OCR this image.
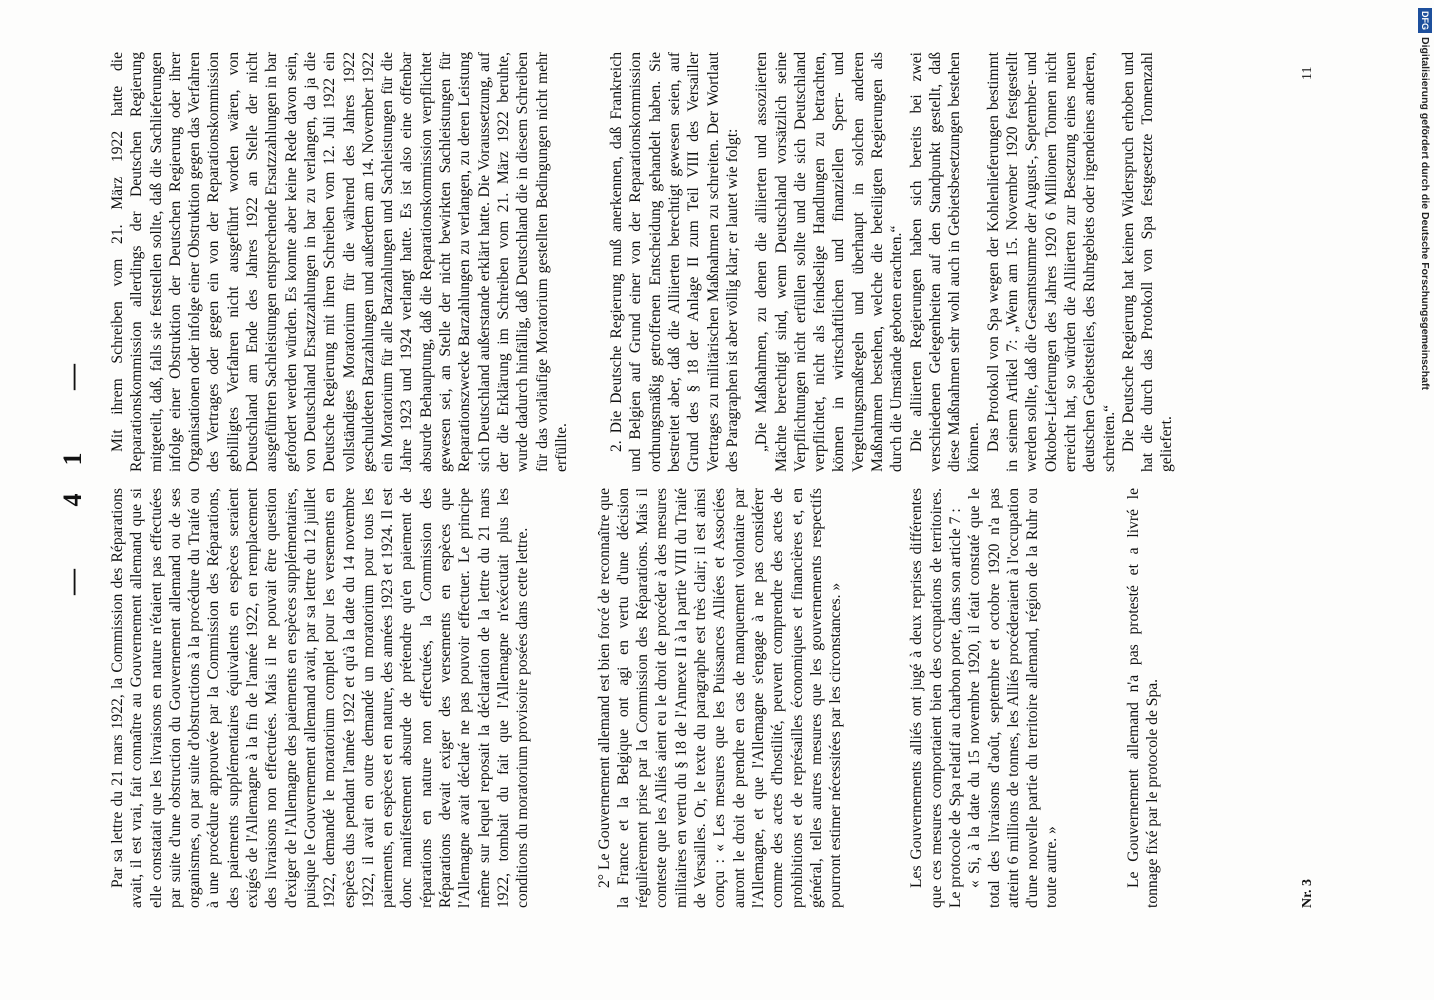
— 41 —

Par sa lettre du 21 mars 1922, la Commission des Réparations avait, il est vrai, fait connaître au Gouvernement allemand que si elle constatait que les livraisons en nature n'étaient pas effectuées par suite d'une obstruction du Gouvernement allemand ou de ses organismes, ou par suite d'obstructions à la procédure du Traité ou à une procédure approuvée par la Commission des Réparations, des paiements supplémentaires équivalents en espèces seraient exigés de l'Allemagne à la fin de l'année 1922, en remplacement des livraisons non effectuées. Mais il ne pouvait être question d'exiger de l'Allemagne des paiements en espèces supplémentaires, puisque le Gouvernement allemand avait, par sa lettre du 12 juillet 1922, demandé le moratorium complet pour les versements en espèces dus pendant l'année 1922 et qu'à la date du 14 novembre 1922, il avait en outre demandé un moratorium pour tous les paiements, en espèces et en nature, des années 1923 et 1924. Il est donc manifestement absurde de prétendre qu'en paiement de réparations en nature non effectuées, la Commission des Réparations devait exiger des versements en espèces que l'Allemagne avait déclaré ne pas pouvoir effectuer. Le principe même sur lequel reposait la déclaration de la lettre du 21 mars 1922, tombait du fait que l'Allemagne n'exécutait plus les conditions du moratorium provisoire posées dans cette lettre.	2° Le Gouvernement allemand est bien forcé de reconnaître que la France et la Belgique ont agi en vertu d'une décision régulièrement prise par la Commission des Réparations. Mais il conteste que les Alliés aient eu le droit de procéder à des mesures militaires en vertu du § 18 de l'Annexe II à la partie VIII du Traité de Versailles. Or, le texte du paragraphe est très clair; il est ainsi conçu : « Les mesures que les Puissances Alliées et Associées auront le droit de prendre en cas de manquement volontaire par l'Allemagne, et que l'Allemagne s'engage à ne pas considérer comme des actes d'hostilité, peuvent comprendre des actes de prohibitions et de représailles économiques et financières et, en général, telles autres mesures que les gouvernements respectifs pourront estimer nécessitées par les circonstances. »	Les Gouvernements alliés ont jugé à deux reprises différentes que ces mesures comportaient bien des occupations de territoires. Le protocole de Spa relatif au charbon porte, dans son article 7 : « Si, à la date du 15 novembre 1920, il était constaté que le total des livraisons d'août, septembre et octobre 1920 n'a pas atteint 6 millions de tonnes, les Alliés procéderaient à l'occupation d'une nouvelle partie du territoire allemand, région de la Ruhr ou toute autre. »	Le Gouvernement allemand n'a pas protesté et a livré le tonnage fixé par le protocole de Spa.

Mit ihrem Schreiben vom 21. März 1922 hatte die Reparationskommission allerdings der Deutschen Regierung mitgeteilt, daß, falls sie feststellen sollte, daß die Sachlieferungen infolge einer Obstruktion der Deutschen Regierung oder ihrer Organisationen oder infolge einer Obstruktion gegen das Verfahren des Vertrages oder gegen ein von der Reparationskommission gebilligtes Verfahren nicht ausgeführt worden wären, von Deutschland am Ende des Jahres 1922 an Stelle der nicht ausgeführten Sachleistungen entsprechende Ersatzzahlungen in bar gefordert werden würden. Es konnte aber keine Rede davon sein, von Deutschland Ersatzzahlungen in bar zu verlangen, da ja die Deutsche Regierung mit ihren Schreiben vom 12. Juli 1922 ein vollständiges Moratorium für die während des Jahres 1922 geschuldeten Barzahlungen und außerdem am 14. November 1922 ein Moratorium für alle Barzahlungen und Sachleistungen für die Jahre 1923 und 1924 verlangt hatte. Es ist also eine offenbar absurde Behauptung, daß die Reparationskommission verpflichtet gewesen sei, an Stelle der nicht bewirkten Sachleistungen für Reparationszwecke Barzahlungen zu verlangen, zu deren Leistung sich Deutschland außerstande erklärt hatte. Die Voraussetzung, auf der die Erklärung im Schreiben vom 21. März 1922 beruhte, wurde dadurch hinfällig, daß Deutschland die in diesem Schreiben für das vorläufige Moratorium gestellten Bedingungen nicht mehr erfüllte. 2. Die Deutsche Regierung muß anerkennen, daß Frankreich und Belgien auf Grund einer von der Reparationskommission ordnungsmäßig getroffenen Entscheidung gehandelt haben. Sie bestreitet aber, daß die Alliierten berechtigt gewesen seien, auf Grund des § 18 der Anlage II zum Teil VIII des Versailler Vertrages zu militärischen Maßnahmen zu schreiten. Der Wortlaut des Paragraphen ist aber völlig klar; er lautet wie folgt: „Die Maßnahmen, zu denen die alliierten und assoziierten Mächte berechtigt sind, wenn Deutschland vorsätzlich seine Verpflichtungen nicht erfüllen sollte und die sich Deutschland verpflichtet, nicht als feindselige Handlungen zu betrachten, können in wirtschaftlichen und finanziellen Sperr- und Vergeltungsmaßregeln und überhaupt in solchen anderen Maßnahmen bestehen, welche die beteiligten Regierungen als durch die Umstände geboten erachten.“ Die alliierten Regierungen haben sich bereits bei zwei verschiedenen Gelegenheiten auf den Standpunkt gestellt, daß diese Maßnahmen sehr wohl auch in Gebietsbesetzungen bestehen können. Das Protokoll von Spa wegen der Kohlenlieferungen bestimmt in seinem Artikel 7: „Wenn am 15. November 1920 festgestellt werden sollte, daß die Gesamtsumme der August-, September- und Oktober-Lieferungen des Jahres 1920 6 Millionen Tonnen nicht erreicht hat, so würden die Alliierten zur Besetzung eines neuen deutschen Gebietsteiles, des Ruhrgebiets oder irgendeines anderen, schreiten.“ Die Deutsche Regierung hat keinen Widerspruch erhoben und hat die durch das Protokoll von Spa festgesetzte Tonnenzahl geliefert.

Nr. 3
11
DFGDigitalisierung gefördert durch die Deutsche Forschungsgemeinschaft
